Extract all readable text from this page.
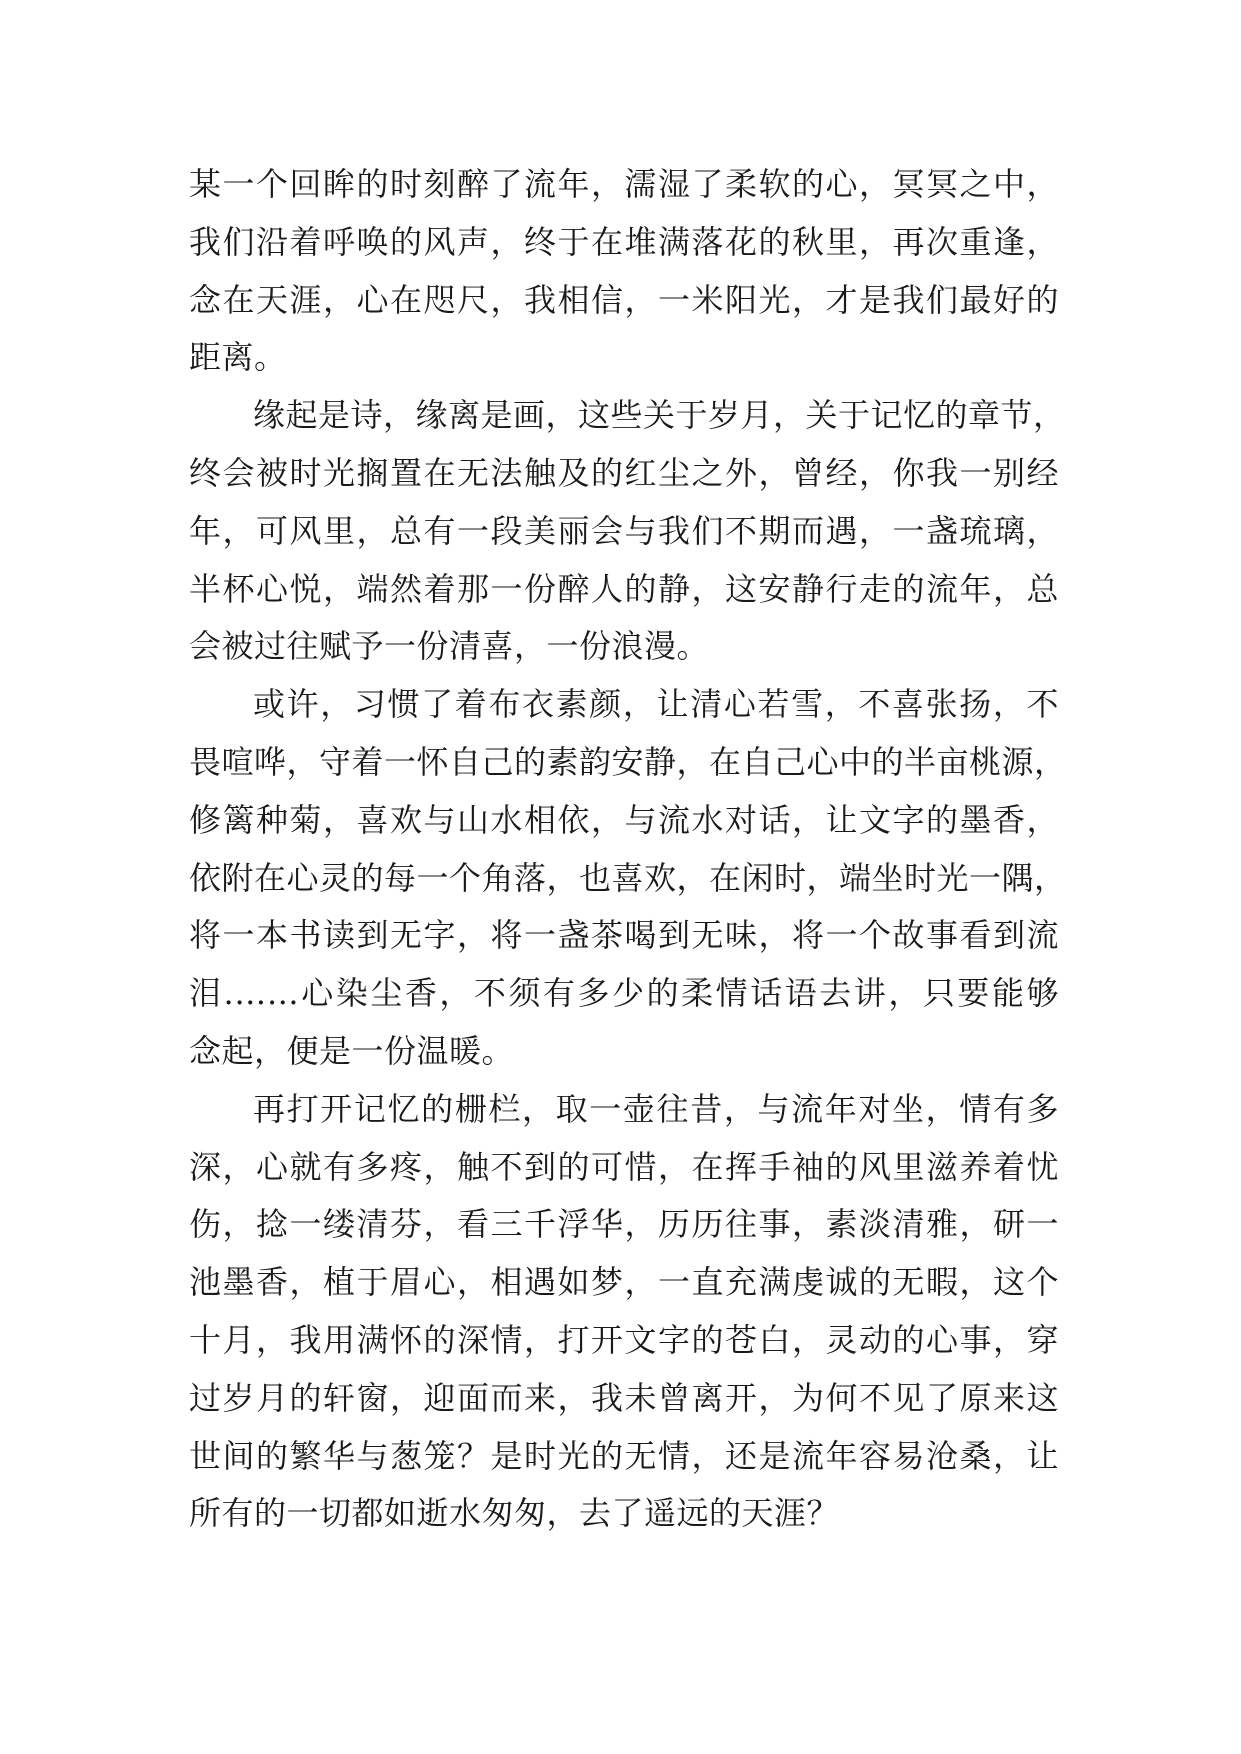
某一个回眸的时刻醉了流年，濡湿了柔软的心，冥冥之中，
我们沿着呼唤的风声，终于在堆满落花的秋里，再次重逢，
念在天涯，心在咫尺，我相信，一米阳光，才是我们最好的
距离。
缘起是诗，缘离是画，这些关于岁月，关于记忆的章节，
终会被时光搁置在无法触及的红尘之外，曾经，你我一别经
年，可风里，总有一段美丽会与我们不期而遇，一盏琉璃，
半杯心悦，端然着那一份醉人的静，这安静行走的流年，总
会被过往赋予一份清喜，一份浪漫。
或许，习惯了着布衣素颜，让清心若雪，不喜张扬，不
畏喧哗，守着一怀自己的素韵安静，在自己心中的半亩桃源，
修篱种菊，喜欢与山水相依，与流水对话，让文字的墨香，
依附在心灵的每一个角落，也喜欢，在闲时，端坐时光一隅，
将一本书读到无字，将一盏茶喝到无味，将一个故事看到流
泪.……心染尘香，不须有多少的柔情话语去讲，只要能够
念起，便是一份温暖。
再打开记忆的栅栏，取一壶往昔，与流年对坐，情有多
深，心就有多疼，触不到的可惜，在挥手袖的风里滋养着忧
伤，捻一缕清芬，看三千浮华，历历往事，素淡清雅，研一
池墨香，植于眉心，相遇如梦，一直充满虔诚的无暇，这个
十月，我用满怀的深情，打开文字的苍白，灵动的心事，穿
过岁月的轩窗，迎面而来，我未曾离开，为何不见了原来这
世间的繁华与葱笼？是时光的无情，还是流年容易沧桑，让
所有的一切都如逝水匆匆，去了遥远的天涯？
